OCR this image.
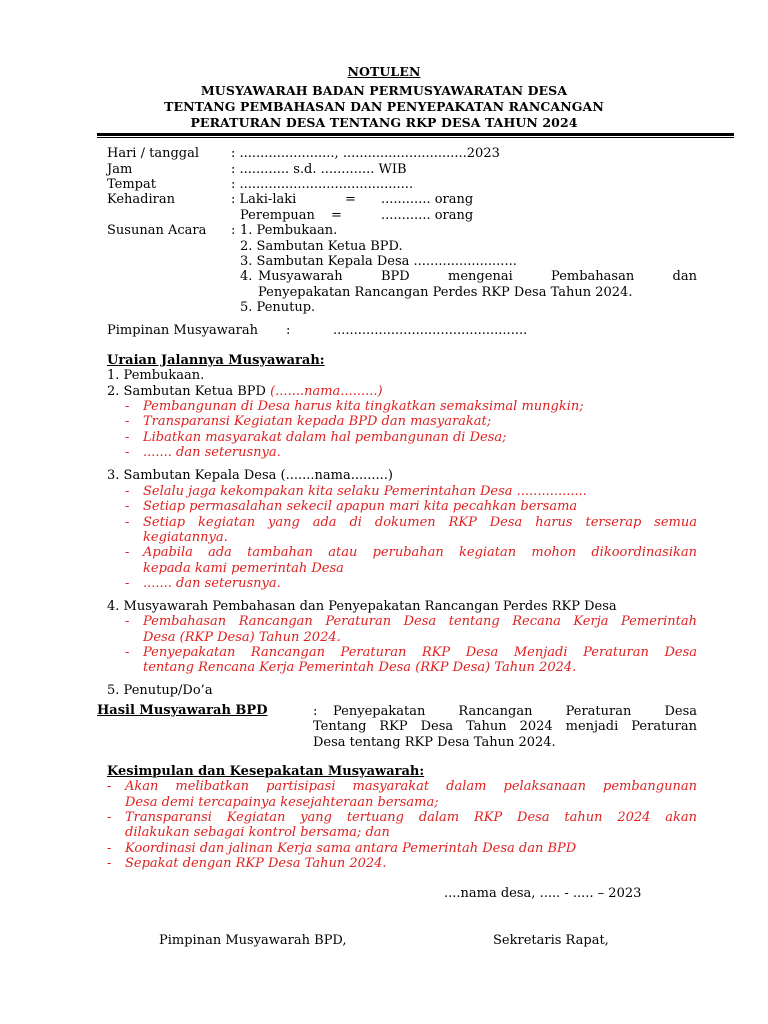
NOTULEN
MUSYAWARAH BADAN PERMUSYAWARATAN DESA
TENTANG PEMBAHASAN DAN PENYEPAKATAN RANCANGAN
PERATURAN DESA TENTANG RKP DESA TAHUN 2024
Hari / tanggal : ......................., ..............................2023
Jam	: ............ s.d. ............. WIB
Tempat	: ..........................................
Kehadiran	: Laki-laki	= ............ orang
Perempuan =	............ orang
Susunan Acara : 1. Pembukaan.
2. Sambutan Ketua BPD.
3. Sambutan Kepala Desa .........................
4. Musyawarah BPD mengenai Pembahasan dan
Penyepakatan Rancangan Perdes RKP Desa Tahun 2024.
5. Penutup.
Pimpinan Musyawarah :	...............................................
Uraian Jalannya Musyawarah:
1. Pembukaan.
2. Sambutan Ketua BPD (.......nama.........)
- Pembangunan di Desa harus kita tingkatkan semaksimal mungkin;
- Transparansi Kegiatan kepada BPD dan masyarakat;
- Libatkan masyarakat dalam hal pembangunan di Desa;
- ....... dan seterusnya.
3. Sambutan Kepala Desa (.......nama.........)
- Selalu jaga kekompakan kita selaku Pemerintahan Desa .................
- Setiap permasalahan sekecil apapun mari kita pecahkan bersama
- Setiap kegiatan yang ada di dokumen RKP Desa harus terserap semua
kegiatannya.
- Apabila ada tambahan atau perubahan kegiatan mohon dikoordinasikan
kepada kami pemerintah Desa
- ....... dan seterusnya.
4. Musyawarah Pembahasan dan Penyepakatan Rancangan Perdes RKP Desa
- Pembahasan Rancangan Peraturan Desa tentang Recana Kerja Pemerintah
Desa (RKP Desa) Tahun 2024.
- Penyepakatan Rancangan Peraturan RKP Desa Menjadi Peraturan Desa
tentang Rencana Kerja Pemerintah Desa (RKP Desa) Tahun 2024.
5. Penutup/Do’a
Hasil Musyawarah BPD	: Penyepakatan Rancangan Peraturan Desa
Tentang RKP Desa Tahun 2024 menjadi Peraturan
Desa tentang RKP Desa Tahun 2024.
Kesimpulan dan Kesepakatan Musyawarah:
- Akan melibatkan partisipasi masyarakat dalam pelaksanaan pembangunan
Desa demi tercapainya kesejahteraan bersama;
- Transparansi Kegiatan yang tertuang dalam RKP Desa tahun 2024 akan
dilakukan sebagai kontrol bersama; dan
- Koordinasi dan jalinan Kerja sama antara Pemerintah Desa dan BPD
- Sepakat dengan RKP Desa Tahun 2024.
....nama desa, ..... - ..... – 2023
Pimpinan Musyawarah BPD,	Sekretaris Rapat,
